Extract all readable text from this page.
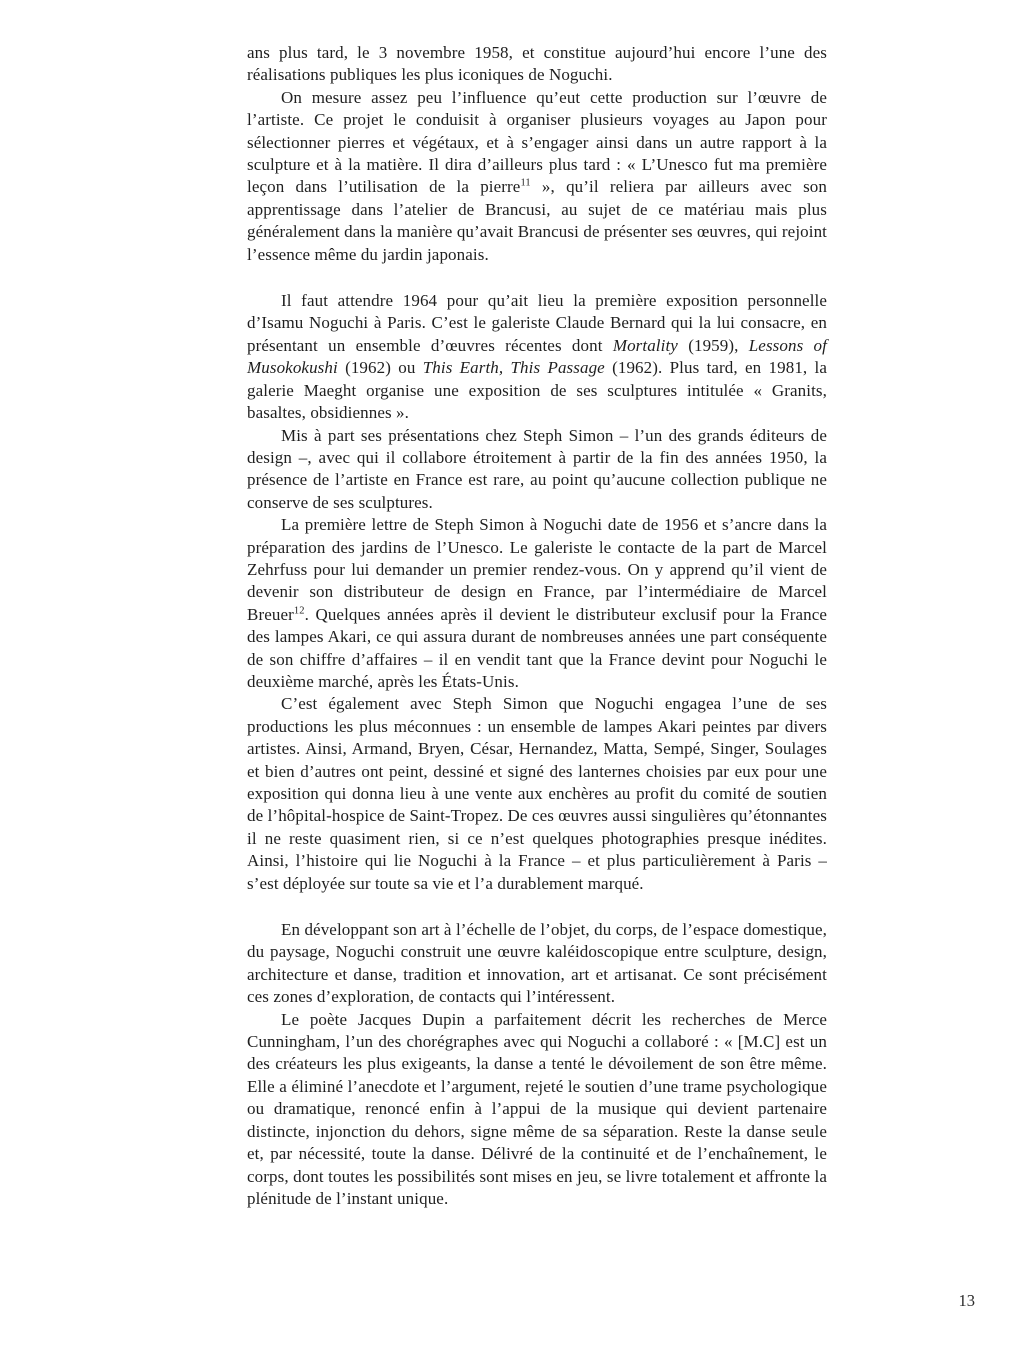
ans plus tard, le 3 novembre 1958, et constitue aujourd’hui encore l’une des réalisations publiques les plus iconiques de Noguchi.

On mesure assez peu l’influence qu’eut cette production sur l’œuvre de l’artiste. Ce projet le conduisit à organiser plusieurs voyages au Japon pour sélectionner pierres et végétaux, et à s’engager ainsi dans un autre rapport à la sculpture et à la matière. Il dira d’ailleurs plus tard : « L’Unesco fut ma première leçon dans l’utilisation de la pierre$^{11}$ », qu’il reliera par ailleurs avec son apprentissage dans l’atelier de Brancusi, au sujet de ce matériau mais plus généralement dans la manière qu’avait Brancusi de présenter ses œuvres, qui rejoint l’essence même du jardin japonais.

Il faut attendre 1964 pour qu’ait lieu la première exposition personnelle d’Isamu Noguchi à Paris. C’est le galeriste Claude Bernard qui la lui consacre, en présentant un ensemble d’œuvres récentes dont Mortality (1959), Lessons of Musokokushi (1962) ou This Earth, This Passage (1962). Plus tard, en 1981, la galerie Maeght organise une exposition de ses sculptures intitulée « Granits, basaltes, obsidiennes ».

Mis à part ses présentations chez Steph Simon – l’un des grands éditeurs de design –, avec qui il collabore étroitement à partir de la fin des années 1950, la présence de l’artiste en France est rare, au point qu’aucune collection publique ne conserve de ses sculptures.

La première lettre de Steph Simon à Noguchi date de 1956 et s’ancre dans la préparation des jardins de l’Unesco. Le galeriste le contacte de la part de Marcel Zehrfuss pour lui demander un premier rendez-vous. On y apprend qu’il vient de devenir son distributeur de design en France, par l’intermédiaire de Marcel Breuer$^{12}$. Quelques années après il devient le distributeur exclusif pour la France des lampes Akari, ce qui assura durant de nombreuses années une part conséquente de son chiffre d’affaires – il en vendit tant que la France devint pour Noguchi le deuxième marché, après les États-Unis.

C’est également avec Steph Simon que Noguchi engagea l’une de ses productions les plus méconnues : un ensemble de lampes Akari peintes par divers artistes. Ainsi, Armand, Bryen, César, Hernandez, Matta, Sempé, Singer, Soulages et bien d’autres ont peint, dessiné et signé des lanternes choisies par eux pour une exposition qui donna lieu à une vente aux enchères au profit du comité de soutien de l’hôpital-hospice de Saint-Tropez. De ces œuvres aussi singulières qu’étonnantes il ne reste quasiment rien, si ce n’est quelques photographies presque inédites. Ainsi, l’histoire qui lie Noguchi à la France – et plus particulièrement à Paris – s’est déployée sur toute sa vie et l’a durablement marqué.

En développant son art à l’échelle de l’objet, du corps, de l’espace domestique, du paysage, Noguchi construit une œuvre kaléidoscopique entre sculpture, design, architecture et danse, tradition et innovation, art et artisanat. Ce sont précisément ces zones d’exploration, de contacts qui l’intéressent.

Le poète Jacques Dupin a parfaitement décrit les recherches de Merce Cunningham, l’un des chorégraphes avec qui Noguchi a collaboré : « [M.C] est un des créateurs les plus exigeants, la danse a tenté le dévoilement de son être même. Elle a éliminé l’anecdote et l’argument, rejeté le soutien d’une trame psychologique ou dramatique, renoncé enfin à l’appui de la musique qui devient partenaire distincte, injonction du dehors, signe même de sa séparation. Reste la danse seule et, par nécessité, toute la danse. Délivré de la continuité et de l’enchaînement, le corps, dont toutes les possibilités sont mises en jeu, se livre totalement et affronte la plénitude de l’instant unique.

13
